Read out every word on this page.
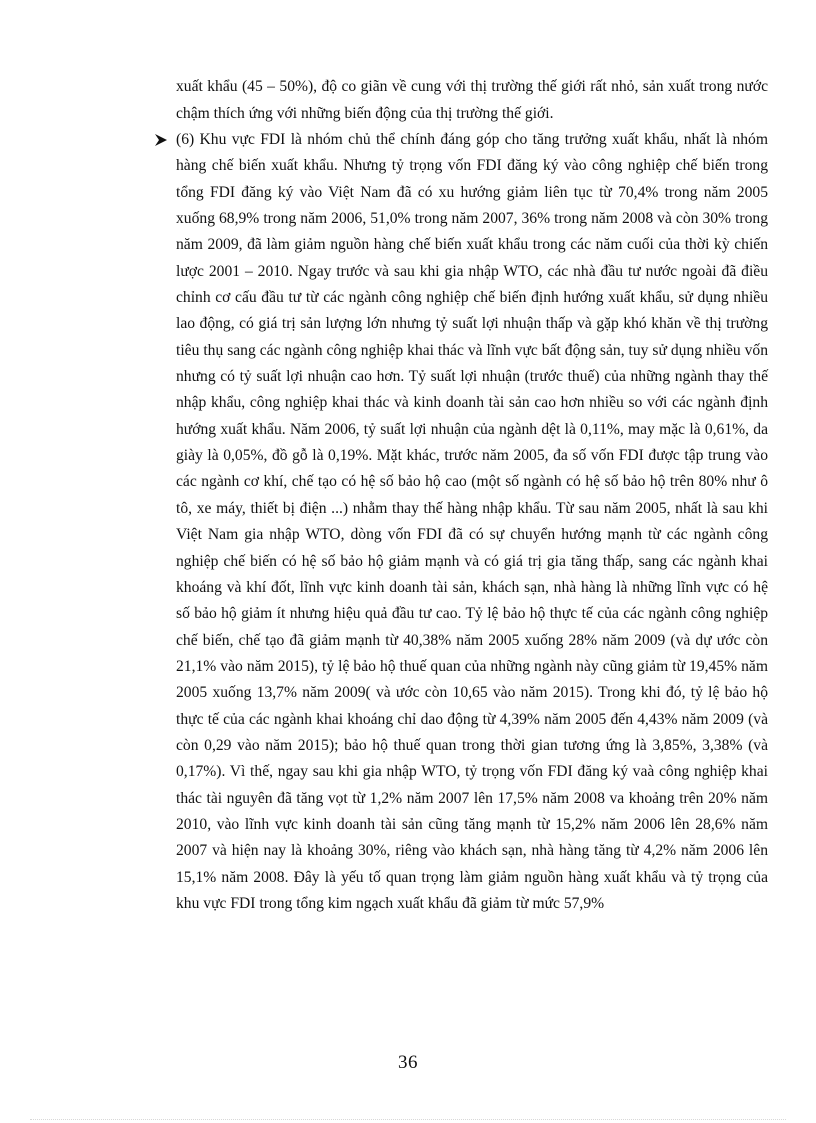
xuất khẩu (45 – 50%), độ co giãn về cung với thị trường thế giới rất nhỏ, sản xuất trong nước chậm thích ứng với những biến động của thị trường thế giới.

(6) Khu vực FDI là nhóm chủ thể chính đáng góp cho tăng trưởng xuất khẩu, nhất là nhóm hàng chế biến xuất khẩu. Nhưng tỷ trọng vốn FDI đăng ký vào công nghiệp chế biến trong tổng FDI đăng ký vào Việt Nam đã có xu hướng giảm liên tục từ 70,4% trong năm 2005 xuống 68,9% trong năm 2006, 51,0% trong năm 2007, 36% trong năm 2008 và còn 30% trong năm 2009, đã làm giảm nguồn hàng chế biến xuất khẩu trong các năm cuối của thời kỳ chiến lược 2001 – 2010. Ngay trước và sau khi gia nhập WTO, các nhà đầu tư nước ngoài đã điều chỉnh cơ cấu đầu tư từ các ngành công nghiệp chế biến định hướng xuất khẩu, sử dụng nhiều lao động, có giá trị sản lượng lớn nhưng tỷ suất lợi nhuận thấp và gặp khó khăn về thị trường tiêu thụ sang các ngành công nghiệp khai thác và lĩnh vực bất động sản, tuy sử dụng nhiều vốn nhưng có tỷ suất lợi nhuận cao hơn. Tỷ suất lợi nhuận (trước thuế) của những ngành thay thế nhập khẩu, công nghiệp khai thác và kinh doanh tài sản cao hơn nhiều so với các ngành định hướng xuất khẩu. Năm 2006, tỷ suất lợi nhuận của ngành dệt là 0,11%, may mặc là 0,61%, da giày là 0,05%, đồ gỗ là 0,19%. Mặt khác, trước năm 2005, đa số vốn FDI được tập trung vào các ngành cơ khí, chế tạo có hệ số bảo hộ cao (một số ngành có hệ số bảo hộ trên 80% như ô tô, xe máy, thiết bị điện ...) nhằm thay thế hàng nhập khẩu. Từ sau năm 2005, nhất là sau khi Việt Nam gia nhập WTO, dòng vốn FDI đã có sự chuyển hướng mạnh từ các ngành công nghiệp chế biến có hệ số bảo hộ giảm mạnh và có giá trị gia tăng thấp, sang các ngành khai khoáng và khí đốt, lĩnh vực kinh doanh tài sản, khách sạn, nhà hàng là những lĩnh vực có hệ số bảo hộ giảm ít nhưng hiệu quả đầu tư cao. Tỷ lệ bảo hộ thực tế của các ngành công nghiệp chế biến, chế tạo đã giảm mạnh từ 40,38% năm 2005 xuống 28% năm 2009 (và dự ước còn 21,1% vào năm 2015), tỷ lệ bảo hộ thuế quan của những ngành này cũng giảm từ 19,45% năm 2005 xuống 13,7% năm 2009( và ước còn 10,65 vào năm 2015). Trong khi đó, tỷ lệ bảo hộ thực tế của các ngành khai khoáng chỉ dao động từ 4,39% năm 2005 đến 4,43% năm 2009 (và còn 0,29 vào năm 2015); bảo hộ thuế quan trong thời gian tương ứng là 3,85%, 3,38% (và 0,17%). Vì thế, ngay sau khi gia nhập WTO, tỷ trọng vốn FDI đăng ký vaà công nghiệp khai thác tài nguyên đã tăng vọt từ 1,2% năm 2007 lên 17,5% năm 2008 va khoảng trên 20% năm 2010, vào lĩnh vực kinh doanh tài sản cũng tăng mạnh từ 15,2% năm 2006 lên 28,6% năm 2007 và hiện nay là khoảng 30%, riêng vào khách sạn, nhà hàng tăng từ 4,2% năm 2006 lên 15,1% năm 2008. Đây là yếu tố quan trọng làm giảm nguồn hàng xuất khẩu và tỷ trọng của khu vực FDI trong tổng kim ngạch xuất khẩu đã giảm từ mức 57,9%

36
